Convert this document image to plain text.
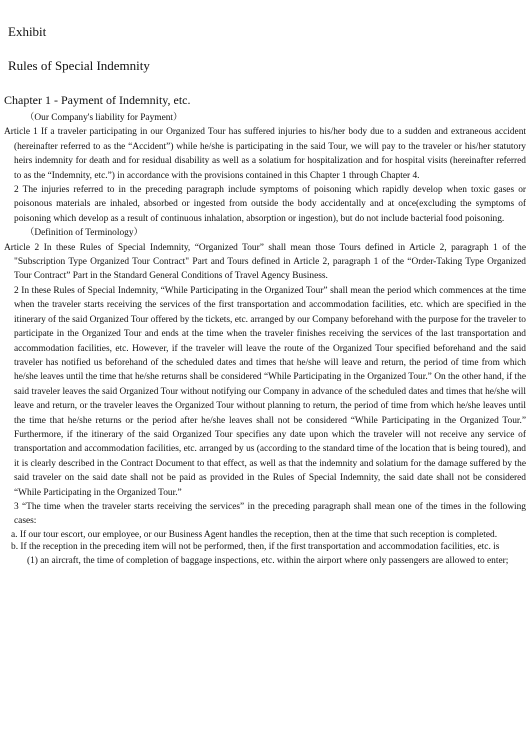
Exhibit
Rules of Special Indemnity

Chapter 1 - Payment of Indemnity, etc.

（Our Company's liability for Payment）

Article 1 If a traveler participating in our Organized Tour has suffered injuries to his/her body due to a sudden and extraneous accident (hereinafter referred to as the “Accident”) while he/she is participating in the said Tour, we will pay to the traveler or his/her statutory heirs indemnity for death and for residual disability as well as a solatium for hospitalization and for hospital visits (hereinafter referred to as the “Indemnity, etc.”) in accordance with the provisions contained in this Chapter 1 through Chapter 4.

2 The injuries referred to in the preceding paragraph include symptoms of poisoning which rapidly develop when toxic gases or poisonous materials are inhaled, absorbed or ingested from outside the body accidentally and at once(excluding the symptoms of poisoning which develop as a result of continuous inhalation, absorption or ingestion), but do not include bacterial food poisoning.

（Definition of Terminology）

Article 2 In these Rules of Special Indemnity, “Organized Tour” shall mean those Tours defined in Article 2, paragraph 1 of the "Subscription Type Organized Tour Contract" Part and Tours defined in Article 2, paragraph 1 of the “Order-Taking Type Organized Tour Contract” Part in the Standard General Conditions of Travel Agency Business.

2 In these Rules of Special Indemnity, “While Participating in the Organized Tour” shall mean the period which commences at the time when the traveler starts receiving the services of the first transportation and accommodation facilities, etc. which are specified in the itinerary of the said Organized Tour offered by the tickets, etc. arranged by our Company beforehand with the purpose for the traveler to participate in the Organized Tour and ends at the time when the traveler finishes receiving the services of the last transportation and accommodation facilities, etc. However, if the traveler will leave the route of the Organized Tour specified beforehand and the said traveler has notified us beforehand of the scheduled dates and times that he/she will leave and return, the period of time from which he/she leaves until the time that he/she returns shall be considered “While Participating in the Organized Tour.” On the other hand, if the said traveler leaves the said Organized Tour without notifying our Company in advance of the scheduled dates and times that he/she will leave and return, or the traveler leaves the Organized Tour without planning to return, the period of time from which he/she leaves until the time that he/she returns or the period after he/she leaves shall not be considered “While Participating in the Organized Tour.” Furthermore, if the itinerary of the said Organized Tour specifies any date upon which the traveler will not receive any service of transportation and accommodation facilities, etc. arranged by us (according to the standard time of the location that is being toured), and it is clearly described in the Contract Document to that effect, as well as that the indemnity and solatium for the damage suffered by the said traveler on the said date shall not be paid as provided in the Rules of Special Indemnity, the said date shall not be considered “While Participating in the Organized Tour.”

3 “The time when the traveler starts receiving the services” in the preceding paragraph shall mean one of the times in the following cases:

a. If our tour escort, our employee, or our Business Agent handles the reception, then at the time that such reception is completed.

b. If the reception in the preceding item will not be performed, then, if the first transportation and accommodation facilities, etc. is

(1) an aircraft, the time of completion of baggage inspections, etc. within the airport where only passengers are allowed to enter;
